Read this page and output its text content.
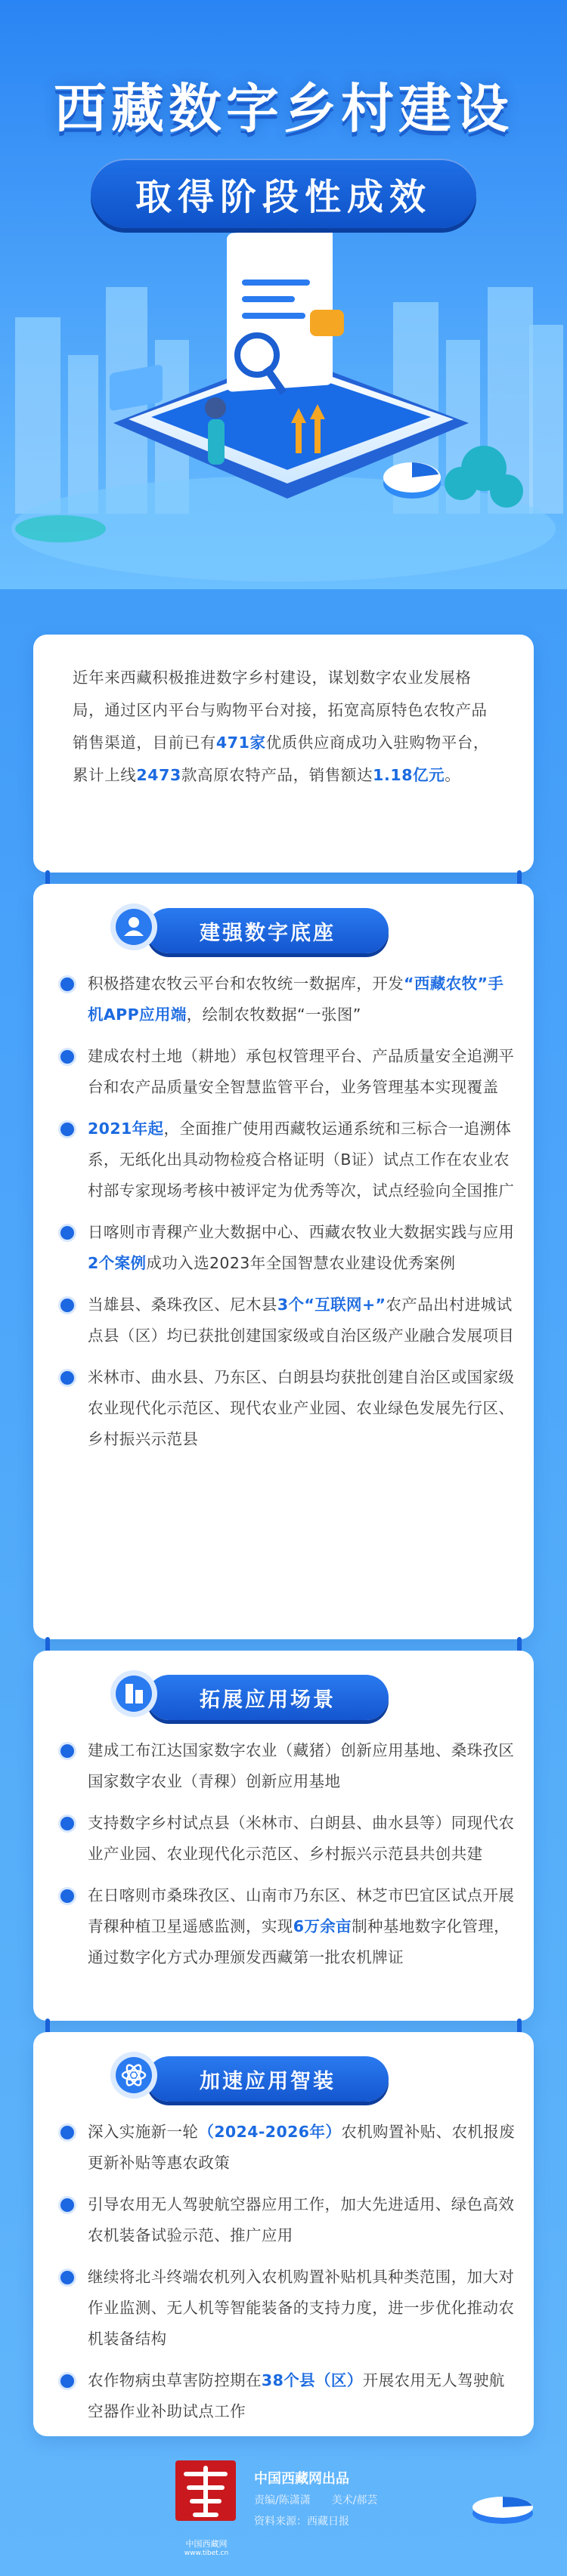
西藏数字乡村建设
取得阶段性成效
近年来西藏积极推进数字乡村建设，谋划数字农业发展格局，通过区内平台与购物平台对接，拓宽高原特色农牧产品销售渠道，目前已有471家优质供应商成功入驻购物平台，累计上线2473款高原农特产品，销售额达1.18亿元。
建强数字底座
积极搭建农牧云平台和农牧统一数据库，开发“西藏农牧”手机APP应用端，绘制农牧数据“一张图”
建成农村土地（耕地）承包权管理平台、产品质量安全追溯平台和农产品质量安全智慧监管平台，业务管理基本实现覆盖
2021年起，全面推广使用西藏牧运通系统和三标合一追溯体系，无纸化出具动物检疫合格证明（B证）试点工作在农业农村部专家现场考核中被评定为优秀等次，试点经验向全国推广
日喀则市青稞产业大数据中心、西藏农牧业大数据实践与应用2个案例成功入选2023年全国智慧农业建设优秀案例
当雄县、桑珠孜区、尼木县3个“互联网+”农产品出村进城试点县（区）均已获批创建国家级或自治区级产业融合发展项目
米林市、曲水县、乃东区、白朗县均获批创建自治区或国家级农业现代化示范区、现代农业产业园、农业绿色发展先行区、乡村振兴示范县
拓展应用场景
建成工布江达国家数字农业（藏猪）创新应用基地、桑珠孜区国家数字农业（青稞）创新应用基地
支持数字乡村试点县（米林市、白朗县、曲水县等）同现代农业产业园、农业现代化示范区、乡村振兴示范县共创共建
在日喀则市桑珠孜区、山南市乃东区、林芝市巴宜区试点开展青稞种植卫星遥感监测，实现6万余亩制种基地数字化管理，通过数字化方式办理颁发西藏第一批农机牌证
加速应用智装
深入实施新一轮（2024-2026年）农机购置补贴、农机报废更新补贴等惠农政策
引导农用无人驾驶航空器应用工作，加大先进适用、绿色高效农机装备试验示范、推广应用
继续将北斗终端农机列入农机购置补贴机具种类范围，加大对作业监测、无人机等智能装备的支持力度，进一步优化推动农机装备结构
农作物病虫草害防控期在38个县（区）开展农用无人驾驶航空器作业补助试点工作
中国西藏网
www.tibet.cn
中国西藏网出品
责编/陈潇潇　　美术/郝芸
资料来源：西藏日报
